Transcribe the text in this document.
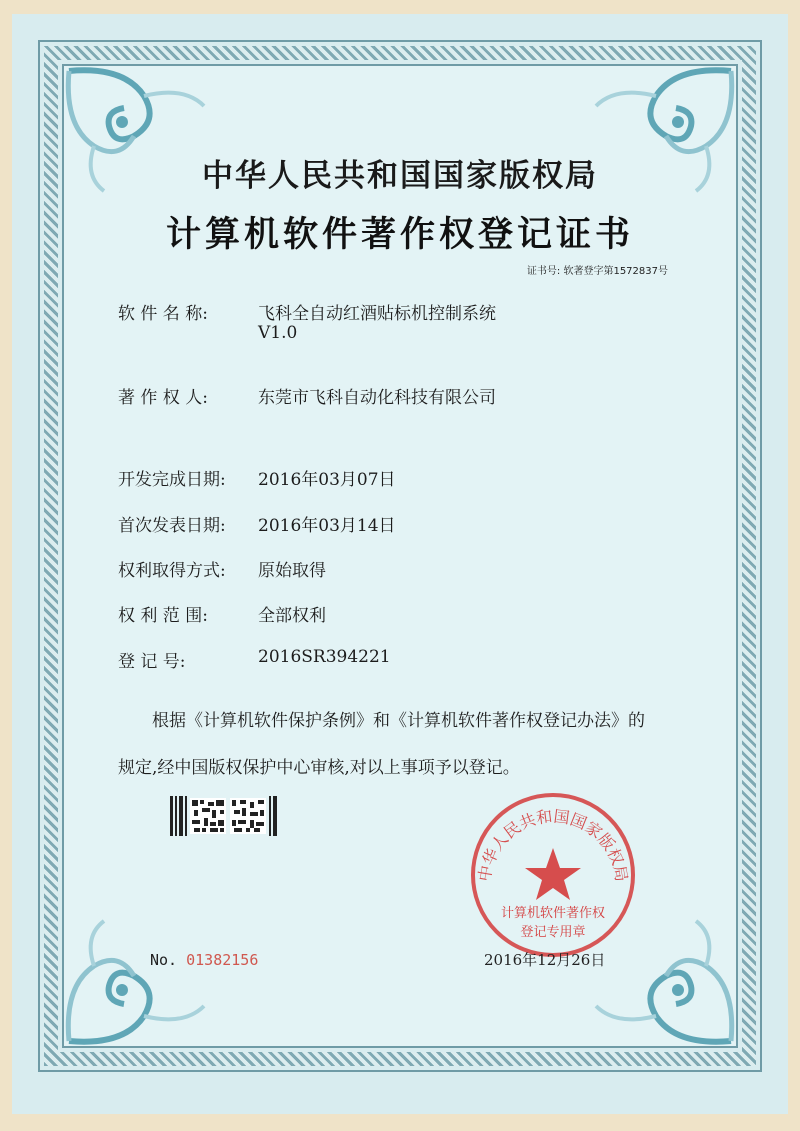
中华人民共和国国家版权局
计算机软件著作权登记证书
证书号: 软著登字第1572837号
软 件 名 称:	飞科全自动红酒贴标机控制系统
V1.0
著 作 权 人:	东莞市飞科自动化科技有限公司
开发完成日期: 2016年03月07日
首次发表日期: 2016年03月14日
权利取得方式: 原始取得
权 利 范 围:	全部权利
登 记 号:	2016SR394221
根据《计算机软件保护条例》和《计算机软件著作权登记办法》的
规定,经中国版权保护中心审核,对以上事项予以登记。
中华人民共和国国家版权局
计算机软件著作权
登记专用章
No. 01382156	2016年12月26日
